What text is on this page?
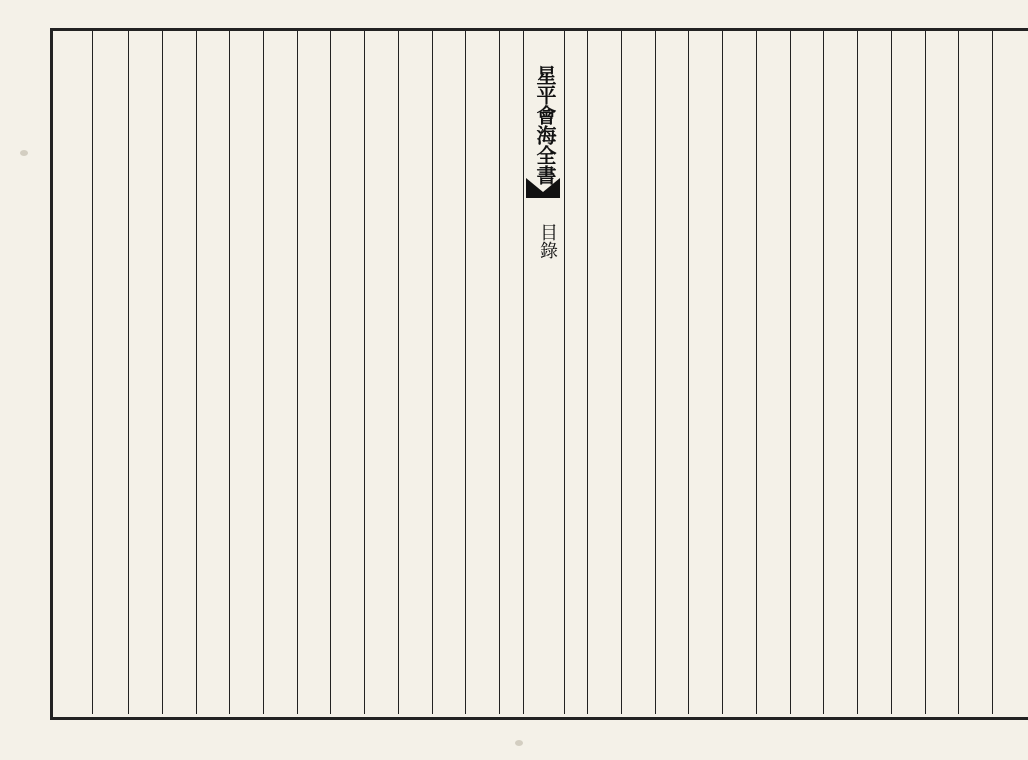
星平會海全書
目錄
